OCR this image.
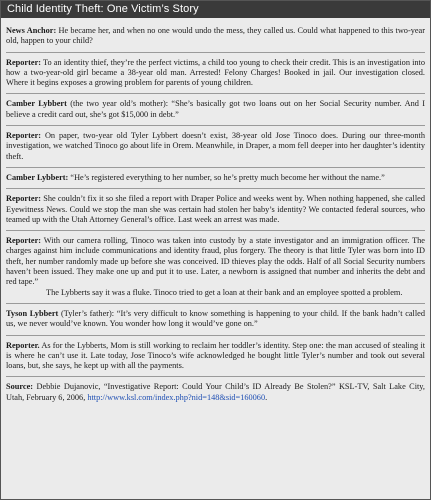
Child Identity Theft: One Victim’s Story

News Anchor: He became her, and when no one would undo the mess, they called us. Could what happened to this two-year old, happen to your child?

Reporter: To an identity thief, they’re the perfect victims, a child too young to check their credit. This is an investigation into how a two-year-old girl became a 38-year old man. Arrested! Felony Charges! Booked in jail. Our investigation closed. Where it begins exposes a growing problem for parents of young children.

Camber Lybbert (the two year old’s mother): “She’s basically got two loans out on her Social Security number. And I believe a credit card out, she’s got $15,000 in debt.”

Reporter: On paper, two-year old Tyler Lybbert doesn’t exist, 38-year old Jose Tinoco does. During our three-month investigation, we watched Tinoco go about life in Orem. Meanwhile, in Draper, a mom fell deeper into her daughter’s identity theft.

Camber Lybbert: “He’s registered everything to her number, so he’s pretty much become her without the name.”

Reporter: She couldn’t fix it so she filed a report with Draper Police and weeks went by. When nothing happened, she called Eyewitness News. Could we stop the man she was certain had stolen her baby’s identity? We contacted federal sources, who teamed up with the Utah Attorney General’s office. Last week an arrest was made.

Reporter: With our camera rolling, Tinoco was taken into custody by a state investigator and an immigration officer. The charges against him include communications and identity fraud, plus forgery. The theory is that little Tyler was born into ID theft, her number randomly made up before she was conceived. ID thieves play the odds. Half of all Social Security numbers haven’t been issued. They make one up and put it to use. Later, a newborn is assigned that number and inherits the debt and red tape.”
The Lybberts say it was a fluke. Tinoco tried to get a loan at their bank and an employee spotted a problem.

Tyson Lybbert (Tyler’s father): “It’s very difficult to know something is happening to your child. If the bank hadn’t called us, we never would’ve known. You wonder how long it would’ve gone on.”

Reporter. As for the Lybberts, Mom is still working to reclaim her toddler’s identity. Step one: the man accused of stealing it is where he can’t use it. Late today, Jose Tinoco’s wife acknowledged he bought little Tyler’s number and took out several loans, but, she says, he kept up with all the payments.

Source: Debbie Dujanovic, “Investigative Report: Could Your Child’s ID Already Be Stolen?” KSL-TV, Salt Lake City, Utah, February 6, 2006, http://www.ksl.com/index.php?nid=148&sid=160060.
